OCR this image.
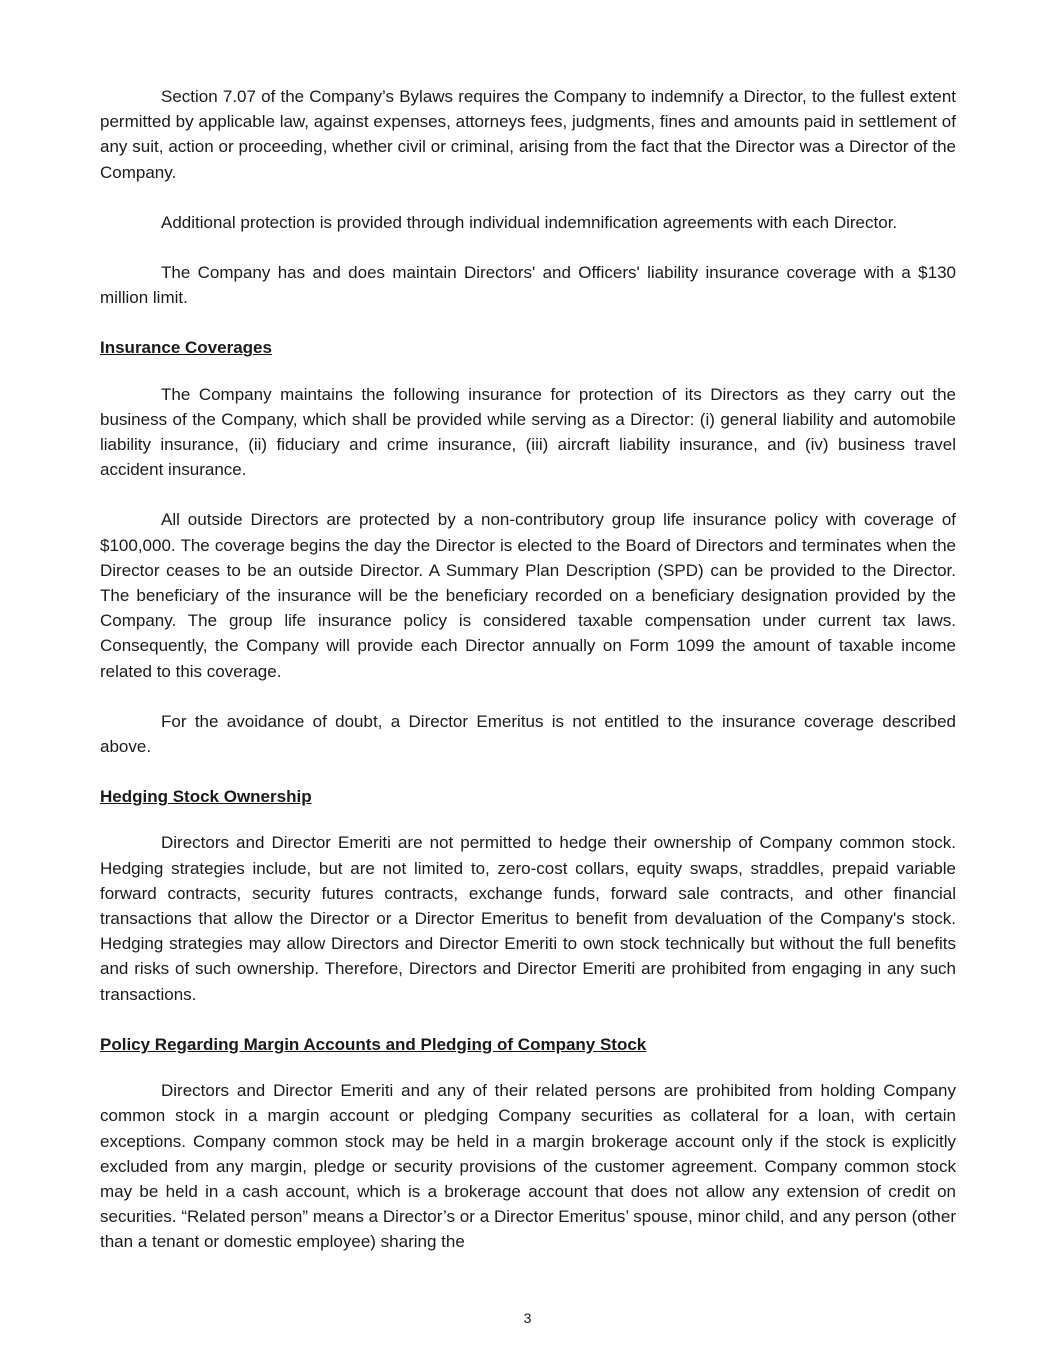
Section 7.07 of the Company’s Bylaws requires the Company to indemnify a Director, to the fullest extent permitted by applicable law, against expenses, attorneys fees, judgments, fines and amounts paid in settlement of any suit, action or proceeding, whether civil or criminal, arising from the fact that the Director was a Director of the Company.

Additional protection is provided through individual indemnification agreements with each Director.

The Company has and does maintain Directors' and Officers' liability insurance coverage with a $130 million limit.

Insurance Coverages

The Company maintains the following insurance for protection of its Directors as they carry out the business of the Company, which shall be provided while serving as a Director: (i) general liability and automobile liability insurance, (ii) fiduciary and crime insurance, (iii) aircraft liability insurance, and (iv) business travel accident insurance.

All outside Directors are protected by a non-contributory group life insurance policy with coverage of $100,000. The coverage begins the day the Director is elected to the Board of Directors and terminates when the Director ceases to be an outside Director. A Summary Plan Description (SPD) can be provided to the Director. The beneficiary of the insurance will be the beneficiary recorded on a beneficiary designation provided by the Company. The group life insurance policy is considered taxable compensation under current tax laws. Consequently, the Company will provide each Director annually on Form 1099 the amount of taxable income related to this coverage.

For the avoidance of doubt, a Director Emeritus is not entitled to the insurance coverage described above.

Hedging Stock Ownership

Directors and Director Emeriti are not permitted to hedge their ownership of Company common stock. Hedging strategies include, but are not limited to, zero-cost collars, equity swaps, straddles, prepaid variable forward contracts, security futures contracts, exchange funds, forward sale contracts, and other financial transactions that allow the Director or a Director Emeritus to benefit from devaluation of the Company's stock. Hedging strategies may allow Directors and Director Emeriti to own stock technically but without the full benefits and risks of such ownership. Therefore, Directors and Director Emeriti are prohibited from engaging in any such transactions.

Policy Regarding Margin Accounts and Pledging of Company Stock

Directors and Director Emeriti and any of their related persons are prohibited from holding Company common stock in a margin account or pledging Company securities as collateral for a loan, with certain exceptions. Company common stock may be held in a margin brokerage account only if the stock is explicitly excluded from any margin, pledge or security provisions of the customer agreement. Company common stock may be held in a cash account, which is a brokerage account that does not allow any extension of credit on securities. “Related person” means a Director’s or a Director Emeritus’ spouse, minor child, and any person (other than a tenant or domestic employee) sharing the

3
